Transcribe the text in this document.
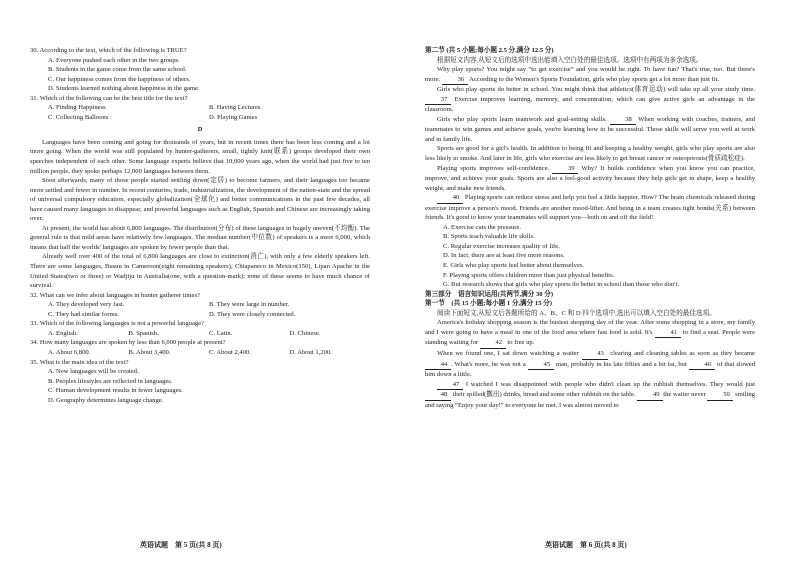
30. According to the text, which of the following is TRUE?

A. Everyone pushed each other in the two groups.

B. Students in the game come from the same school.

C. Our happiness comes from the happiness of others.

D. Students learned nothing about happiness in the game.

31. Which of the following can be the best title for the text?

A. Finding Happiness	B. Having Lectures
C. Collecting Balloons	D. Playing Games

D

Languages have been coming and going for thousands of years, but in recent times there has been less coming and a lot more going. When the world was still populated by hunter-gatherers, small, tightly knit(联系) groups developed their own speeches independent of each other. Some language experts believe that 10,000 years ago, when the world had just five to ten million people, they spoke perhaps 12,000 languages between them.

Soon afterwards, many of those people started settling down(定居) to become farmers, and their languages too became more settled and fewer in number. In recent centuries, trade, industrialization, the development of the nation-state and the spread of universal compulsory education, especially globalization(全球化) and better communications in the past few decades, all have caused many languages to disappear, and powerful languages such as English, Spanish and Chinese are increasingly taking over.

At present, the world has about 6,800 languages. The distribution(分布) of these languages in hugely uneven(不均衡). The general rule is that mild areas have relatively few languages. The median number(中位数) of speakers is a mere 6,000, which means that half the worlds' languages are spoken by fewer people than that.

Already well over 400 of the total of 6,800 languages are close to extinction(消亡), with only a few elderly speakers left. There are some languages, Busuu in Cameroon(eight remaining speakers), Chiapaneco in Mexico(150), Lipan Apache in the United States(two or three) or Wadjiju in Australia(one, with a question-mark); none of these seems to have much chance of survival.

32. What can we infer about languages in hunter gatherer times?

A. They developed very fast.	B. They were large in number.
C. They had similar forms.	D. They were closely connected.

33. Which of the following languages is not a powerful language?

A. English.	B. Spanish.	C. Latin.	D. Chinese.

34. How many languages are spoken by less than 6,000 people at present?

A. About 6,800.	B. About 3,400.	C. About 2,400.	D. About 1,200.

35. What is the main idea of the text?

A. New languages will be created.

B. Peoples lifestyles are reflected in languages.

C. Human development results in fewer languages.

D. Geography determines language change.

英语试题　第 5 页(共 8 页)

第二节 (共 5 小题;每小题 2.5 分,满分 12.5 分)

根据短文内容,从短文后的选项中选出能填入空白处的最佳选项。选项中有两项为多余选项。

Why play sports? You might say “to get exercise” and you would be right. To have fun? That's true, too. But there's more.	36 According to the Women's Sports Foundation, girls who play sports get a lot more than just fit.

Girls who play sports do better in school. You might think that athletics(体育运动) will take up all your study time. 37 Exercise improves learning, memory, and concentration, which can give active girls an advantage in the classroom.

Girls who play sports learn teamwork and goal-setting skills.	38 When working with coaches, trainers, and teammates to win games and achieve goals, you're learning how to be successful. Those skills will serve you well at work and in family life.

Sports are good for a girl's health. In addition to being fit and keeping a healthy weight, girls who play sports are also less likely to smoke. And later in life, girls who exercise are less likely to get breast cancer or osteoporosis(骨质疏松症).

Playing sports improves self-confidence.	39 Why? It builds confidence when you know you can practice, improve, and achieve your goals. Sports are also a feel-good activity because they help girls get in shape, keep a healthy weight, and make new friends.

40 Playing sports can reduce stress and help you feel a little happier. How? The brain chemicals released during exercise improve a person's mood. Friends are another mood-lifter. And being in a team creates tight bonds(关系) between friends. It's good to know your teammates will support you—both on and off the field!

A. Exercise cuts the pressure.

B. Sports teach valuable life skills.

C. Regular exercise increases quality of life.

D. In fact, there are at least five more reasons.

E. Girls who play sports feel better about themselves.

F. Playing sports offers children more than just physical benefits.

G. But research shows that girls who play sports do better in school than those who don't.

第三部分　语言知识运用(共两节,满分 30 分)

第一节　(共 15 小题;每小题 1 分,满分 15 分)

阅读下面短文,从短文后各题所给的 A、B、C 和 D 四个选项中,选出可以填入空白处的最佳选项。

America's holiday shopping season is the busiest shopping day of the year. After some shopping in a store, my family and I were going to have a meal in one of the food area where fast food is sold. It's	41 to find a seat. People were standing waiting for	42 to free up.

When we found one, I sat down watching a waiter	43 clearing and cleaning tables as soon as they became 44 . What's more, he was not a	45 man, probably in his late fifties and a bit fat, but	46 of that slowed him down a little.

47 I watched I was disappointed with people who didn't clean up the rubbish themselves. They would just 48 their spilled(撒出) drinks, bread and some other rubbish on the table.	49 the waiter never	50 smiling and saying “Enjoy your day!” to everyone he met. I was almost moved to

英语试题　第 6 页(共 8 页)
